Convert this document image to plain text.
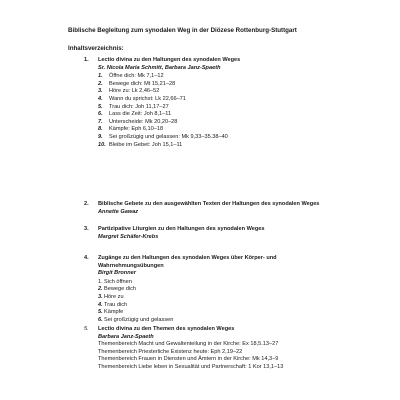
Biblische Begleitung zum synodalen Weg in der Diözese Rottenburg-Stuttgart
Inhaltsverzeichnis:
1.	Lectio divina zu den Haltungen des synodalen Weges
Sr. Nicola Maria Schmitt, Barbara Janz-Spaeth
1.	Öffne dich: Mk 7,1–12
2.	Bewege dich: Mt 15,21–28
3.	Höre zu: Lk 2,46–52
4.	Wann du sprichst: Lk 22,66–71
5.	Trau dich: Joh 11,17–27
6.	Lass die Zeit: Joh 8,1–11
7.	Unterscheide: Mk 20,20–28
8.	Kämpfe: Eph 6,10–18
9.	Sei großzügig und gelassen: Mk 9,33–35.38–40
10. Bleibe im Gebet: Joh 15,1–11
2.	Biblische Gebete zu den ausgewählten Texten der Haltungen des synodalen Weges
Annette Gawaz
3.	Partizipative Liturgien zu den Haltungen des synodalen Weges
Margret Schäfer-Krebs
4.	Zugänge zu den Haltungen des synodalen Weges über Körper- und
Wahrnehmungsübungen
Birgit Bronner
1. Sich öffnen
2. Bewege dich
3. Höre zu
4. Trau dich
5. Kämpfe
6. Sei großzügig und gelassen
5.	Lectio divina zu den Themen des synodalen Weges
Barbara Janz-Spaeth
Themenbereich Macht und Gewaltenteilung in der Kirche: Ex 18,5.13–27
Themenbereich Priesterliche Existenz heute: Eph 2,19–22
Themenbereich Frauen in Diensten und Ämtern in der Kirche: Mk 14,3–9
Themenbereich Liebe leben in Sexualität und Partnerschaft: 1 Kor 13,1–13
